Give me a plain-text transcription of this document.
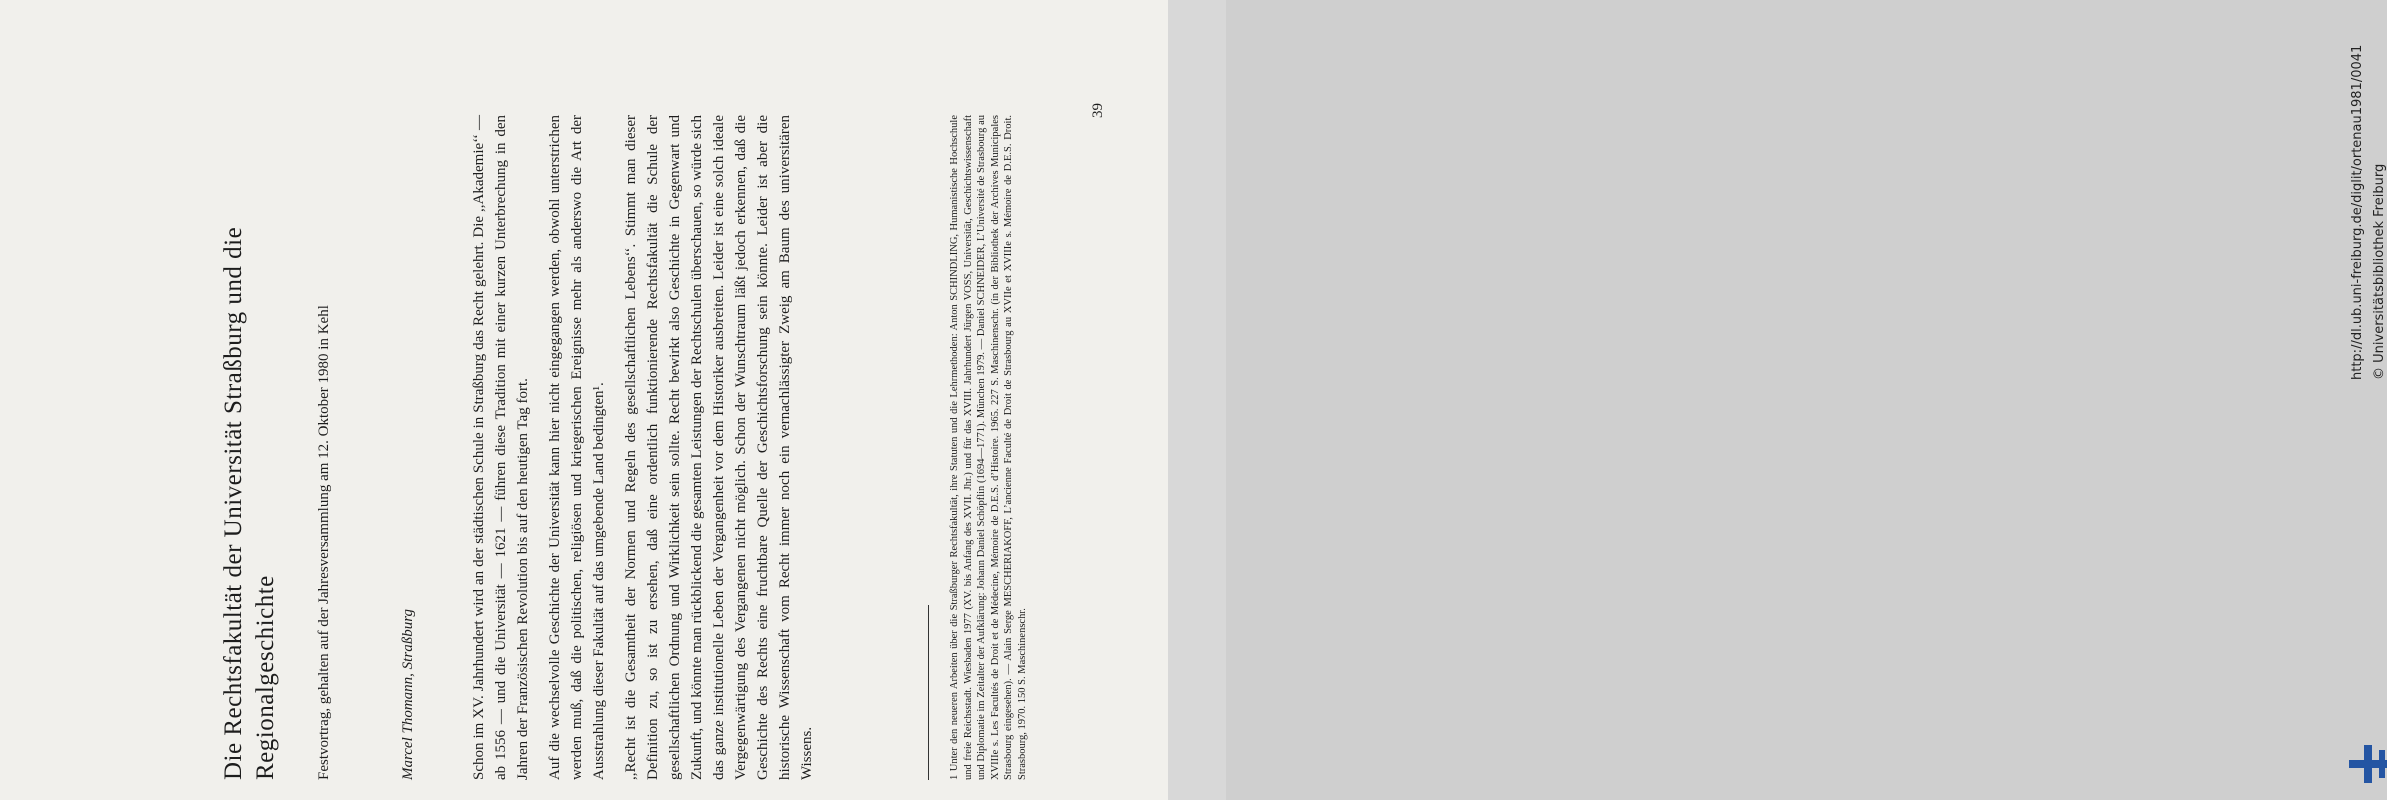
Die Rechtsfakultät der Universität Straßburg und die Regionalgeschichte Festvortrag, gehalten auf der Jahresversammlung am 12. Oktober 1980 in Kehl	Marcel Thomann, Straßburg	Schon im XV. Jahrhundert wird an der städtischen Schule in Straßburg das Recht gelehrt. Die ,,Akademie‘‘ — ab 1556 — und die Universität — 1621 — führen diese Tradition mit einer kurzen Unterbrechung in den Jahren der Französischen Revolution bis auf den heutigen Tag fort. Auf die wechselvolle Geschichte der Universität kann hier nicht eingegangen werden, obwohl unterstrichen werden muß, daß die politischen, religiösen und kriegerischen Ereignisse mehr als anderswo die Art der Ausstrahlung dieser Fakultät auf das umgebende Land bedingten¹. ,,Recht ist die Gesamtheit der Normen und Regeln des gesellschaftlichen Lebens‘‘. Stimmt man dieser Definition zu, so ist zu ersehen, daß eine ordentlich funktionierende Rechtsfakultät die Schule der gesellschaftlichen Ordnung und Wirklichkeit sein sollte. Recht bewirkt also Geschichte in Gegenwart und Zukunft, und könnte man rückblickend die gesamten Leistungen der Rechtschulen überschauen, so würde sich das ganze institutionelle Leben der Vergangenheit vor dem Historiker ausbreiten. Leider ist eine solch ideale Vergegenwärtigung des Vergangenen nicht möglich. Schon der Wunschtraum läßt jedoch erkennen, daß die Geschichte des Rechts eine fruchtbare Quelle der Geschichtsforschung sein könnte. Leider ist aber die historische Wissenschaft vom Recht immer noch ein vernachlässigter Zweig am Baum des universitären Wissens.	1 Unter den neueren Arbeiten über die Straßburger Rechtsfakultät, ihre Statuten und die Lehrmethoden: Anton SCHINDLING, Humanistische Hochschule und freie Reichsstadt. Wiesbaden 1977 (XV. bis Anfang des XVII. Jhr.) und für das XVIII. Jahrhundert Jürgen VOSS, Universität, Geschichtswissenschaft und Diplomatie im Zeitalter der Aufklärung: Johann Daniel Schöpflin (1694—1771). München 1979. — Daniel SCHNEIDER, L’Université de Strasbourg au XVIIIe s. Les Facultés de Droit et de Médecine, Mémoire de D.E.S. d’Histoire. 1965. 227 S. Maschinenschr. (in der Bibliothek der Archives Municipales Strasbourg eingesehen). — Alain Serge MESCHERIAKOFF, L’ancienne Faculté de Droit de Strasbourg au XVIIe et XVIIIe s. Mémoire de D.E.S. Droit. Strasbourg, 1970. 150 S. Maschinenschr.
39	http://dl.ub.uni-freiburg.de/diglit/ortenau1981/0041 © Universitätsbibliothek Freiburg
